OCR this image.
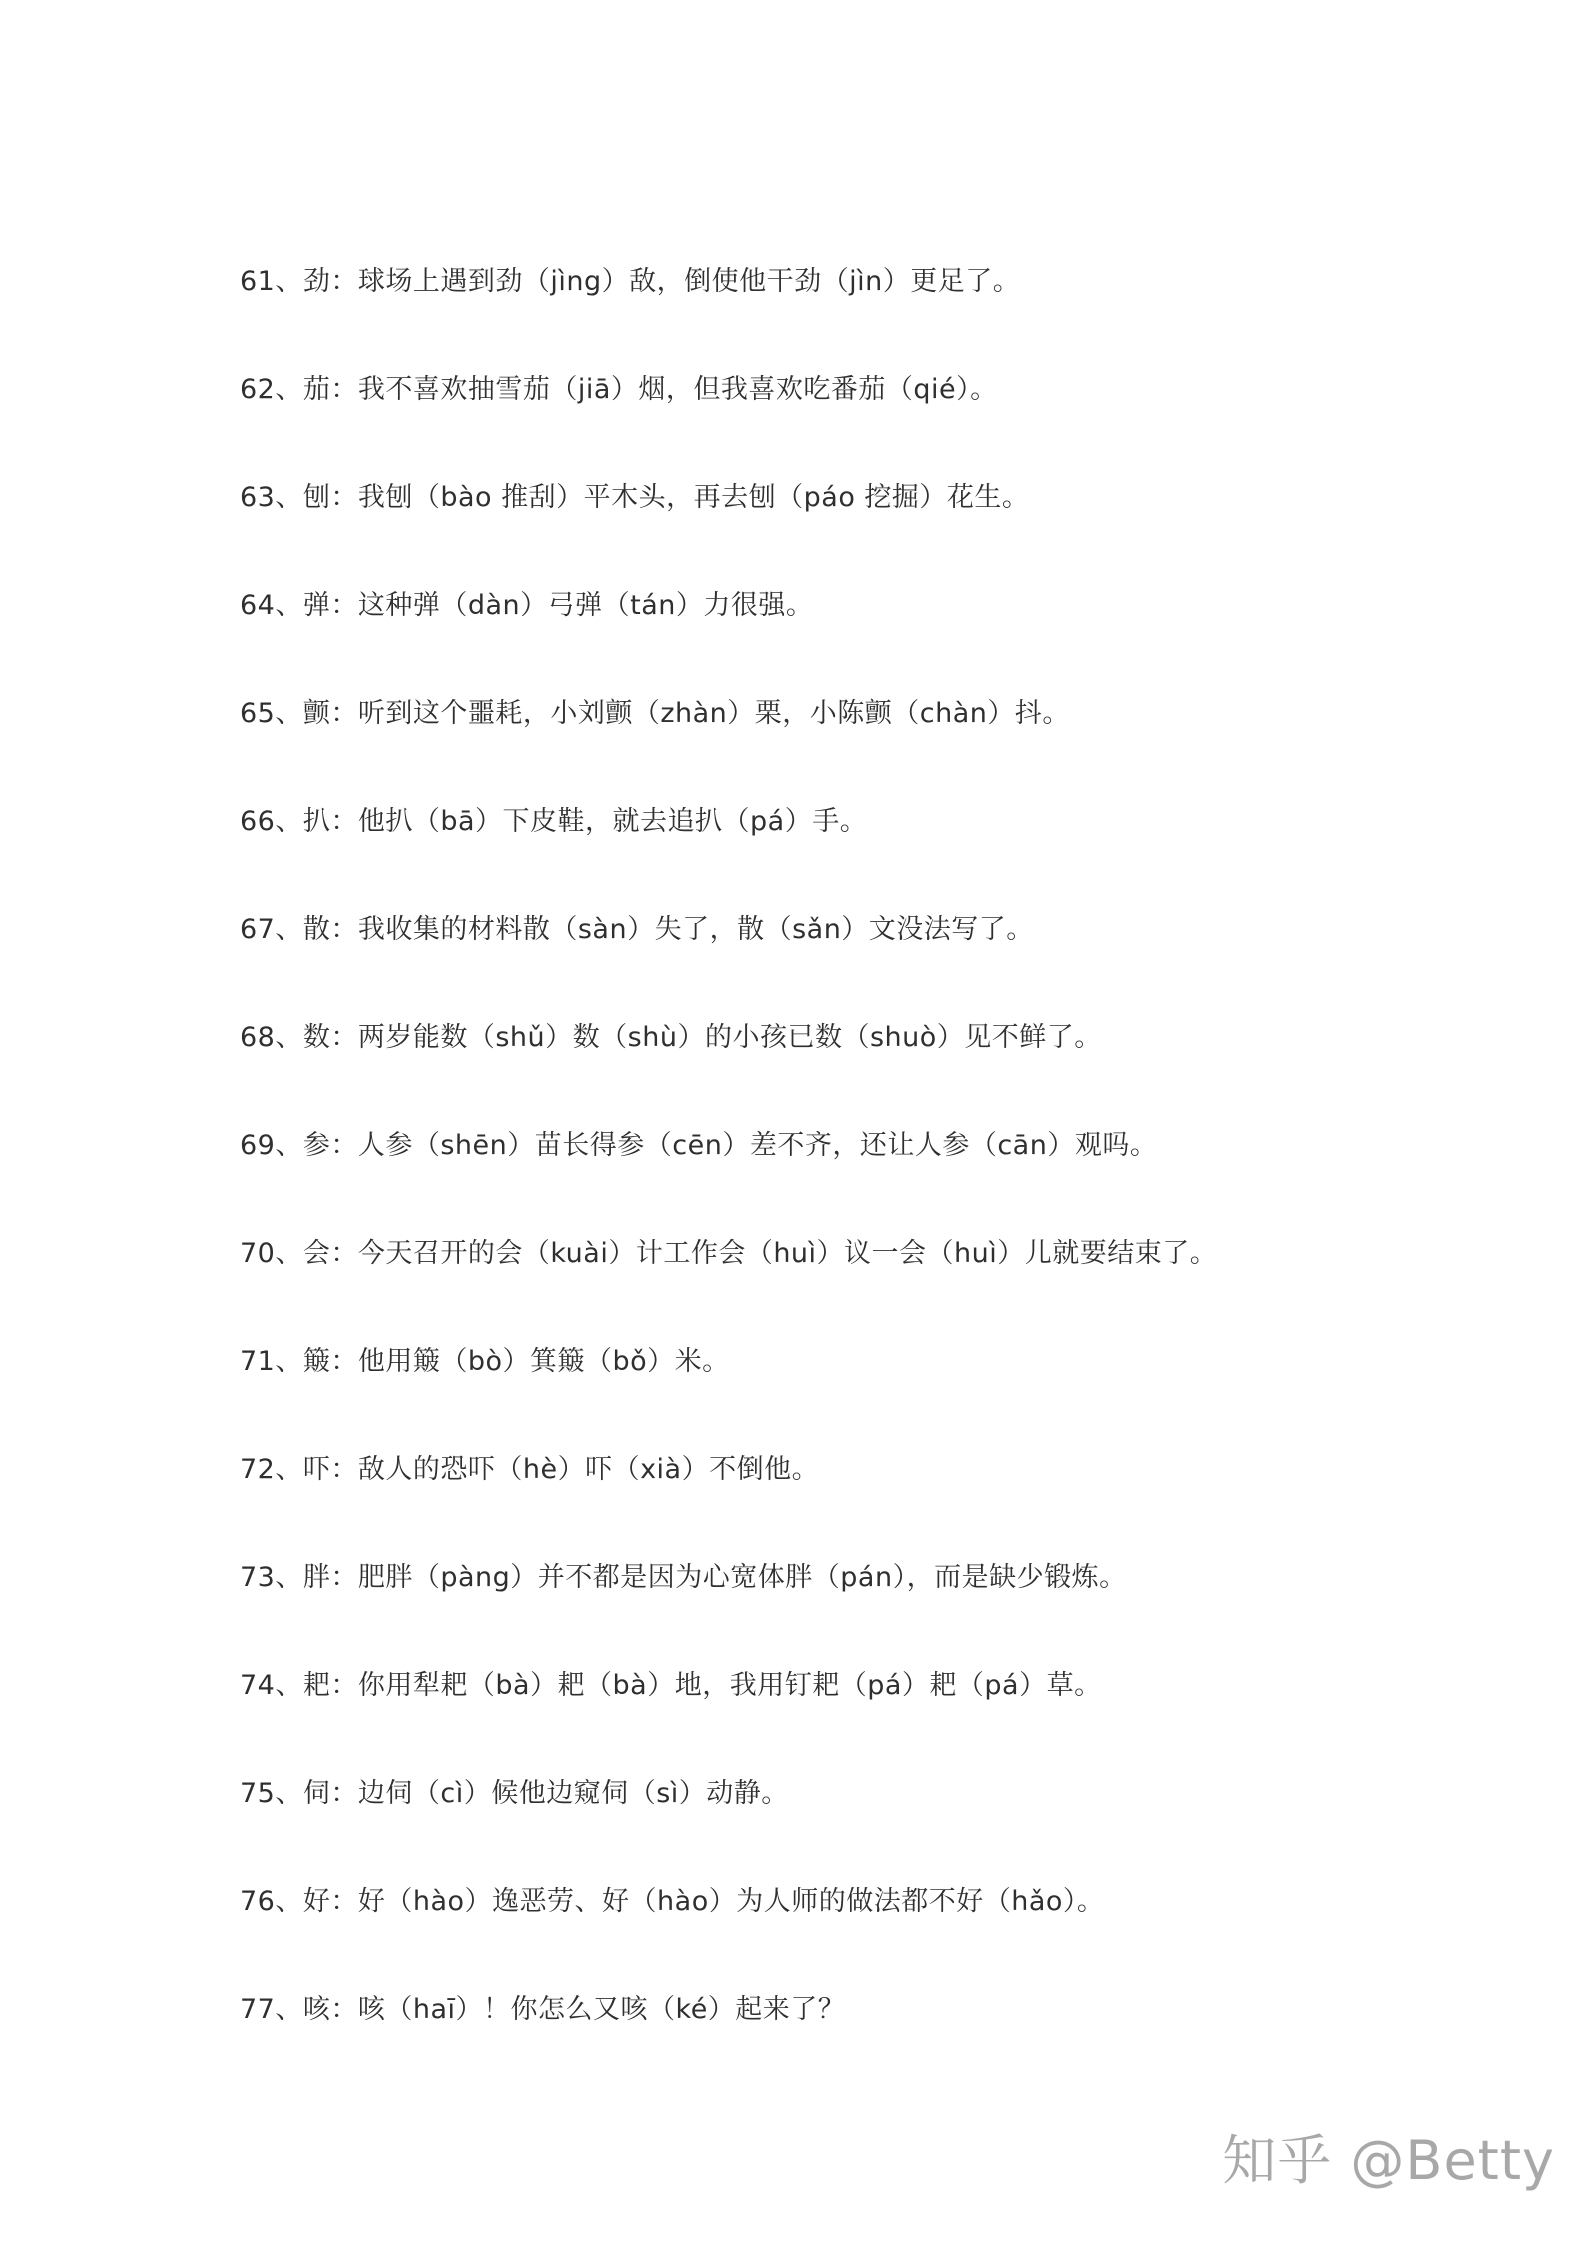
61、劲：球场上遇到劲（jìng）敌，倒使他干劲（jìn）更足了。
62、茄：我不喜欢抽雪茄（jiā）烟，但我喜欢吃番茄（qié）。
63、刨：我刨（bào 推刮）平木头，再去刨（páo 挖掘）花生。
64、弹：这种弹（dàn）弓弹（tán）力很强。
65、颤：听到这个噩耗，小刘颤（zhàn）栗，小陈颤（chàn）抖。
66、扒：他扒（bā）下皮鞋，就去追扒（pá）手。
67、散：我收集的材料散（sàn）失了，散（sǎn）文没法写了。
68、数：两岁能数（shǔ）数（shù）的小孩已数（shuò）见不鲜了。
69、参：人参（shēn）苗长得参（cēn）差不齐，还让人参（cān）观吗。
70、会：今天召开的会（kuài）计工作会（huì）议一会（huì）儿就要结束了。
71、簸：他用簸（bò）箕簸（bǒ）米。
72、吓：敌人的恐吓（hè）吓（xià）不倒他。
73、胖：肥胖（pàng）并不都是因为心宽体胖（pán），而是缺少锻炼。
74、耙：你用犁耙（bà）耙（bà）地，我用钉耙（pá）耙（pá）草。
75、伺：边伺（cì）候他边窥伺（sì）动静。
76、好：好（hào）逸恶劳、好（hào）为人师的做法都不好（hǎo）。
77、咳：咳（haī）！你怎么又咳（ké）起来了？
知乎 @Betty
